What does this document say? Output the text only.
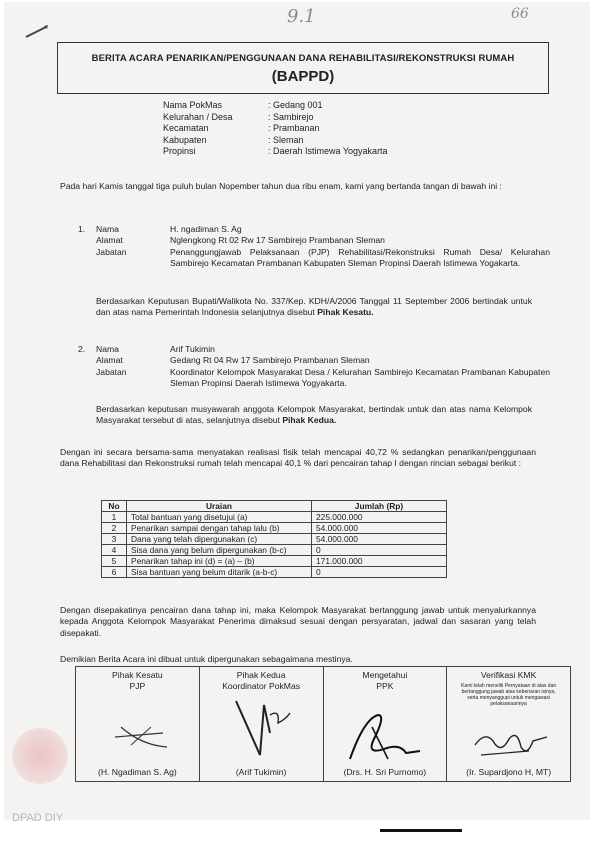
9.1	66
BERITA ACARA PENARIKAN/PENGGUNAAN DANA REHABILITASI/REKONSTRUKSI RUMAH
(BAPPD)
Nama PokMas	: Gedang 001
Kelurahan / Desa	: Sambirejo
Kecamatan	: Prambanan
Kabupaten	: Sleman
Propinsi	: Daerah Istimewa Yogyakarta
Pada hari Kamis tanggal tiga puluh bulan Nopember tahun dua ribu enam, kami yang bertanda tangan di bawah ini :
1.	Nama	H. ngadiman S. Ag
Alamat	Nglengkong Rt 02 Rw 17 Sambirejo Prambanan Sleman
Jabatan	Penanggungjawab Pelaksanaan (PJP) Rehabilitasi/Rekonstruksi Rumah Desa/ Kelurahan Sambirejo Kecamatan Prambanan Kabupaten Sleman Propinsi Daerah Istimewa Yogakarta.
Berdasarkan Keputusan Bupati/Walikota No. 337/Kep. KDH/A/2006 Tanggal 11 September 2006 bertindak untuk dan atas nama Pemerintah Indonesia selanjutnya disebut Pihak Kesatu.
2.	Nama	Arif Tukimin
Alamat	Gedang Rt 04 Rw 17 Sambirejo Prambanan Sleman
Jabatan	Koordinator Kelompok Masyarakat Desa / Kelurahan Sambirejo Kecamatan Prambanan Kabupaten Sleman Propinsi Daerah Istimewa Yogyakarta.
Berdasarkan keputusan musyawarah anggota Kelompok Masyarakat, bertindak untuk dan atas nama Kelompok Masyarakat tersebut di atas, selanjutnya disebut Pihak Kedua.
Dengan ini secara bersama-sama menyatakan realisasi fisik telah mencapai 40,72 % sedangkan penarikan/penggunaan dana Rehabilitasi dan Rekonstruksi rumah telah mencapai 40,1 % dari pencairan tahap I dengan rincian sebagai berikut :
No	Uraian	Jumlah (Rp)
1	Total bantuan yang disetujui (a)	225.000.000
2	Penarikan sampai dengan tahap lalu (b)	54.000.000
3	Dana yang telah dipergunakan (c)	54.000.000
4	Sisa dana yang belum dipergunakan (b-c)	0
5	Penarikan tahap ini (d) = (a) – (b)	171.000.000
6	Sisa bantuan yang belum ditarik (a-b-c)	0
Dengan disepakatinya pencairan dana tahap ini, maka Kelompok Masyarakat bertanggung jawab untuk menyalurkannya kepada Anggota Kelompok Masyarakat Penerima dimaksud sesuai dengan persyaratan, jadwal dan sasaran yang telah disepakati.
Demikian Berita Acara ini dibuat untuk dipergunakan sebagaimana mestinya.
Pihak Kesatu
PJP
(H. Ngadiman S. Ag)
Pihak Kedua
Koordinator PokMas
(Arif Tukimin)
Mengetahui
PPK
(Drs. H. Sri Purnomo)
Verifikasi KMK
Kami telah meneliti Pernyataan di atas dan bertanggung jawab atas kebenaran isinya, serta menyanggupi untuk mengawasi pelaksanaannya
(Ir. Supardjono H, MT)
DPAD DIY
